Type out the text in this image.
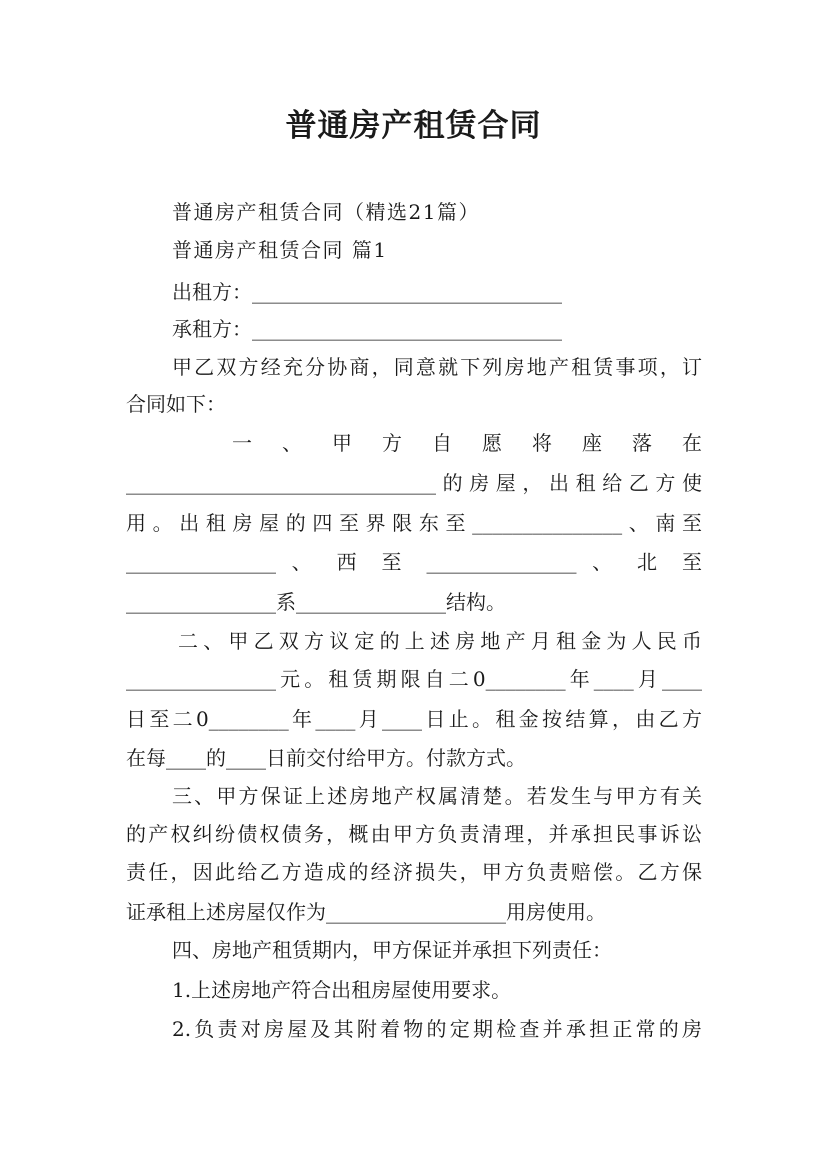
普通房产租赁合同
普通房产租赁合同（精选21篇）
普通房产租赁合同 篇1
出租方：_______________________________
承租方：_______________________________
甲乙双方经充分协商，同意就下列房地产租赁事项，订
合同如下：
一 、 甲 方 自 愿 将 座 落 在
_______________________________的房屋，出租给乙方使
用。出租房屋的四至界限东至_______________、南至
_______________ 、 西 至 _______________ 、 北 至
_______________系_______________结构。
二、甲乙双方议定的上述房地产月租金为人民币
_______________元。租赁期限自二0________年____月____
日至二0________年____月____日止。租金按结算，由乙方
在每____的____日前交付给甲方。付款方式。
三、甲方保证上述房地产权属清楚。若发生与甲方有关
的产权纠纷债权债务，概由甲方负责清理，并承担民事诉讼
责任，因此给乙方造成的经济损失，甲方负责赔偿。乙方保
证承租上述房屋仅作为__________________用房使用。
四、房地产租赁期内，甲方保证并承担下列责任：
1.上述房地产符合出租房屋使用要求。
2.负责对房屋及其附着物的定期检查并承担正常的房
